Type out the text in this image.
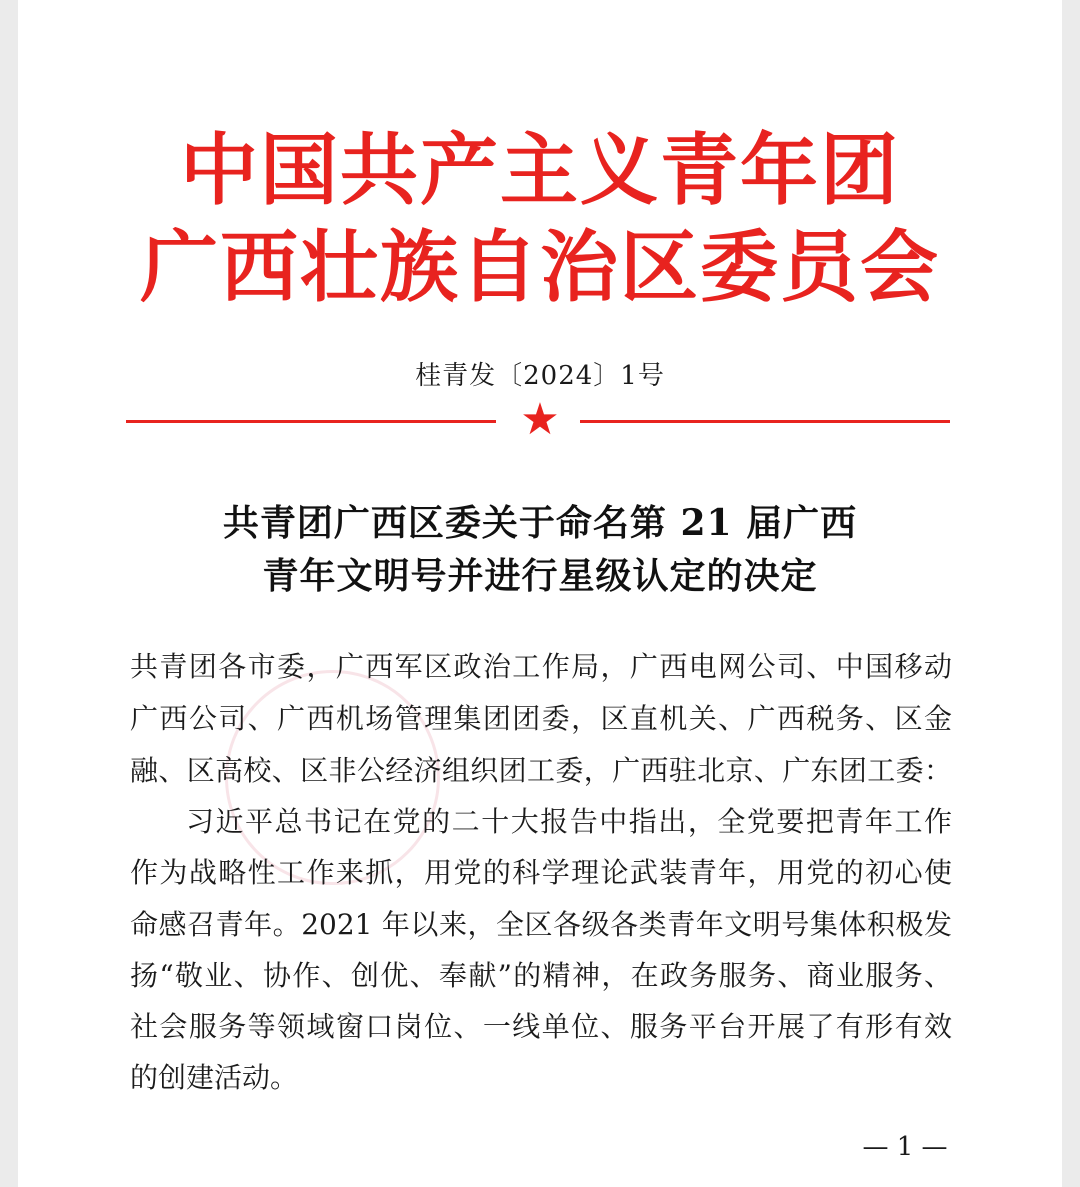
中国共产主义青年团
广西壮族自治区委员会
桂青发〔2024〕1号
★
共青团广西区委关于命名第 21 届广西
青年文明号并进行星级认定的决定
共青团各市委，广西军区政治工作局，广西电网公司、中国移动
广西公司、广西机场管理集团团委，区直机关、广西税务、区金
融、区高校、区非公经济组织团工委，广西驻北京、广东团工委：
习近平总书记在党的二十大报告中指出，全党要把青年工作
作为战略性工作来抓，用党的科学理论武装青年，用党的初心使
命感召青年。2021 年以来，全区各级各类青年文明号集体积极发
扬“敬业、协作、创优、奉献”的精神，在政务服务、商业服务、
社会服务等领域窗口岗位、一线单位、服务平台开展了有形有效
的创建活动。
— 1 —
